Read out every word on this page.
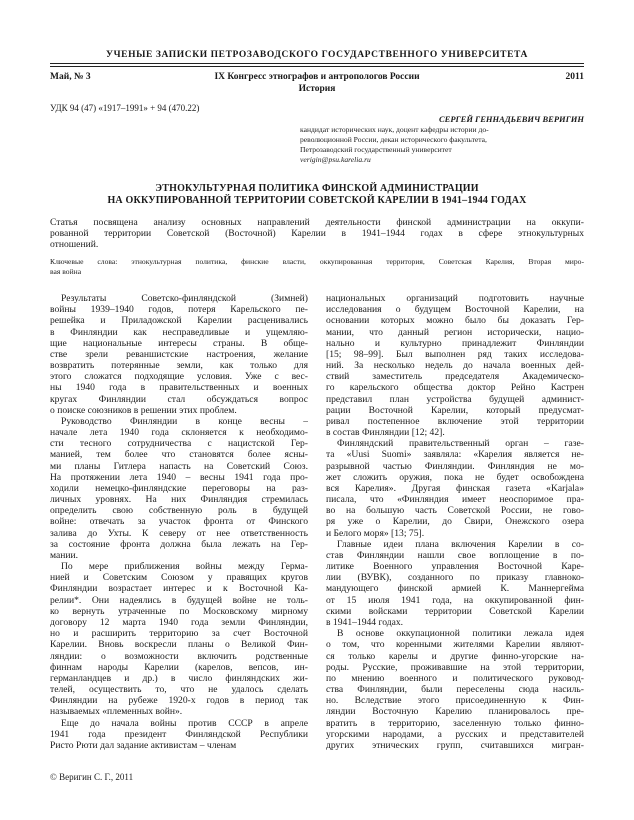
УЧЕНЫЕ ЗАПИСКИ ПЕТРОЗАВОДСКОГО ГОСУДАРСТВЕННОГО УНИВЕРСИТЕТА
Май, № 3	IX Конгресс этнографов и антропологов России
История
2011
УДК 94 (47) «1917–1991» + 94 (470.22)
СЕРГЕЙ ГЕННАДЬЕВИЧ ВЕРИГИН
кандидат исторических наук, доцент кафедры истории до-
революционной России, декан исторического факультета,
Петрозаводский государственный университет
verigin@psu.karelia.ru
ЭТНОКУЛЬТУРНАЯ ПОЛИТИКА ФИНСКОЙ АДМИНИСТРАЦИИ
НА ОККУПИРОВАННОЙ ТЕРРИТОРИИ СОВЕТСКОЙ КАРЕЛИИ В 1941–1944 ГОДАХ
Статья посвящена анализу основных направлений деятельности финской администрации на оккупи-
рованной территории Советской (Восточной) Карелии в 1941–1944 годах в сфере этнокультурных
отношений.
Ключевые слова: этнокультурная политика, финские власти, оккупированная территория, Советская Карелия, Вторая миро-
вая война
Результаты Советско-финляндской (Зимней)
войны 1939–1940 годов, потеря Карельского пе-
решейка и Приладожской Карелии расценивались
в Финляндии как несправедливые и ущемляю-
щие национальные интересы страны. В обще-
стве зрели реваншистские настроения, желание
возвратить потерянные земли, как только для
этого сложатся подходящие условия. Уже с вес-
ны 1940 года в правительственных и военных
кругах Финляндии стал обсуждаться вопрос
о поиске союзников в решении этих проблем.
Руководство Финляндии в конце весны –
начале лета 1940 года склоняется к необходимо-
сти тесного сотрудничества с нацистской Гер-
манией, тем более что становятся более ясны-
ми планы Гитлера напасть на Советский Союз.
На протяжении лета 1940 – весны 1941 года про-
ходили немецко-финляндские переговоры на раз-
личных уровнях. На них Финляндия стремилась
определить свою собственную роль в будущей
войне: отвечать за участок фронта от Финского
залива до Ухты. К северу от нее ответственность
за состояние фронта должна была лежать на Гер-
мании.
По мере приближения войны между Герма-
нией и Советским Союзом у правящих кругов
Финляндии возрастает интерес и к Восточной Ка-
релии*. Они надеялись в будущей войне не толь-
ко вернуть утраченные по Московскому мирному
договору 12 марта 1940 года земли Финляндии,
но и расширить территорию за счет Восточной
Карелии. Вновь воскресли планы о Великой Фин-
ляндии: о возможности включить родственные
финнам народы Карелии (карелов, вепсов, ин-
германландцев и др.) в число финляндских жи-
телей, осуществить то, что не удалось сделать
Финляндии на рубеже 1920-х годов в период так
называемых «племенных войн».
Еще до начала войны против СССР в апреле
1941 года президент Финляндской Республики
Ристо Рюти дал задание активистам – членам
национальных организаций подготовить научные
исследования о будущем Восточной Карелии, на
основании которых можно было бы доказать Гер-
мании, что данный регион исторически, нацио-
нально и культурно принадлежит Финляндии
[15; 98–99]. Был выполнен ряд таких исследова-
ний. За несколько недель до начала военных дей-
ствий заместитель председателя Академическо-
го карельского общества доктор Рейно Кастрен
представил план устройства будущей админист-
рации Восточной Карелии, который предусмат-
ривал постепенное включение этой территории
в состав Финляндии [12; 42].
Финляндский правительственный орган – газе-
та «Uusi Suomi» заявляла: «Карелия является не-
разрывной частью Финляндии. Финляндия не мо-
жет сложить оружия, пока не будет освобождена
вся Карелия». Другая финская газета «Karjala»
писала, что «Финляндия имеет неоспоримое пра-
во на большую часть Советской России, не гово-
ря уже о Карелии, до Свири, Онежского озера
и Белого моря» [13; 75].
Главные идеи плана включения Карелии в со-
став Финляндии нашли свое воплощение в по-
литике Военного управления Восточной Каре-
лии (ВУВК), созданного по приказу главноко-
мандующего финской армией К. Маннергейма
от 15 июля 1941 года, на оккупированной фин-
скими войсками территории Советской Карелии
в 1941–1944 годах.
В основе оккупационной политики лежала идея
о том, что коренными жителями Карелии являют-
ся только карелы и другие финно-угорские на-
роды. Русские, проживавшие на этой территории,
по мнению военного и политического руковод-
ства Финляндии, были переселены сюда насиль-
но. Вследствие этого присоединенную к Фин-
ляндии Восточную Карелию планировалось пре-
вратить в территорию, заселенную только финно-
угорскими народами, а русских и представителей
других этнических групп, считавшихся мигран-
© Веригин С. Г., 2011
